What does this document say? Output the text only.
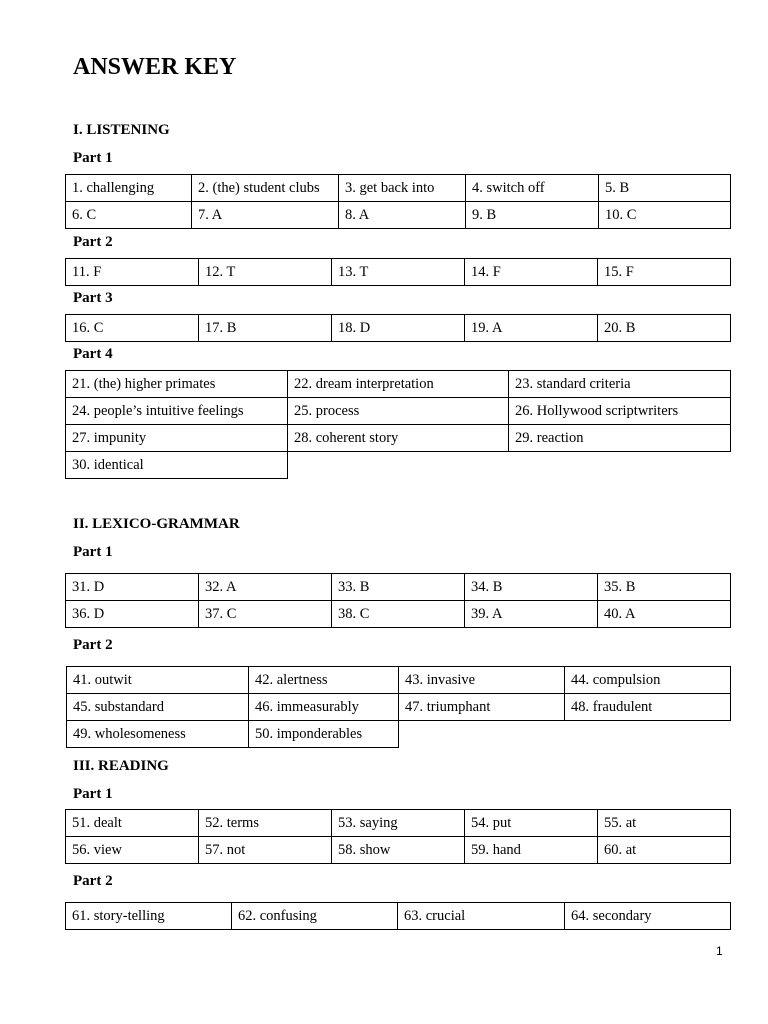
ANSWER KEY
I. LISTENING
Part 1
1. challenging	2. (the) student clubs	3. get back into	4. switch off	5. B
6. C	7. A	8. A	9. B	10. C
Part 2
11. F	12. T	13. T	14. F	15. F
Part 3
16. C	17. B	18. D	19. A	20. B
Part 4
21. (the) higher primates	22. dream interpretation	23. standard criteria
24. people’s intuitive feelings	25. process	26. Hollywood scriptwriters
27. impunity	28. coherent story	29. reaction
30. identical		
II. LEXICO-GRAMMAR
Part 1
31. D	32. A	33. B	34. B	35. B
36. D	37. C	38. C	39. A	40. A
Part 2
41. outwit	42. alertness	43. invasive	44. compulsion
45. substandard	46. immeasurably	47. triumphant	48. fraudulent
49. wholesomeness	50. imponderables		
III. READING
Part 1
51. dealt	52. terms	53. saying	54. put	55. at
56. view	57. not	58. show	59. hand	60. at
Part 2
61. story-telling	62. confusing	63. crucial	64. secondary
1
